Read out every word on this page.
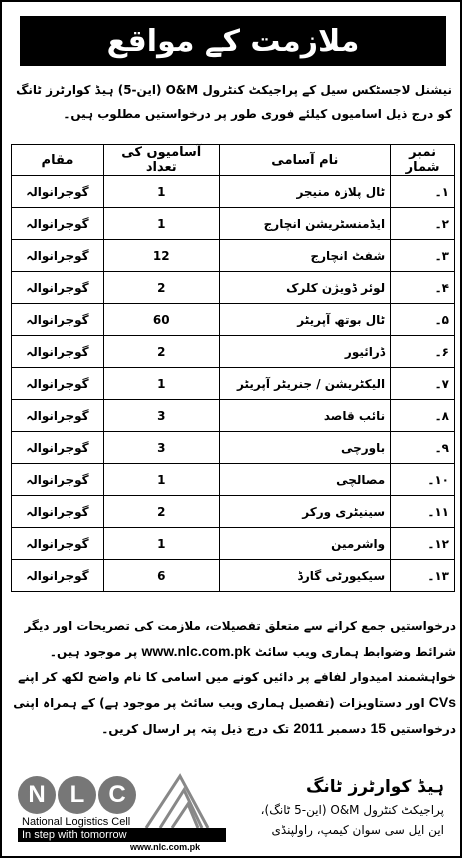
ملازمت کے مواقع
نیشنل لاجسٹکس سیل کے پراجیکٹ کنٹرول O&M (این-5) ہیڈ کوارٹرز ٹانگ کو درج ذیل اسامیوں کیلئے فوری طور پر درخواستیں مطلوب ہیں۔
نمبر شمار	نام آسامی	آسامیوں کی تعداد	مقام
۱۔	ٹال پلازہ منیجر	1	گوجرانوالہ
۲۔	ایڈمنسٹریشن انچارج	1	گوجرانوالہ
۳۔	شفٹ انچارج	12	گوجرانوالہ
۴۔	لوئر ڈویژن کلرک	2	گوجرانوالہ
۵۔	ٹال بوتھ آپریٹر	60	گوجرانوالہ
۶۔	ڈرائیور	2	گوجرانوالہ
۷۔	الیکٹریشن / جنریٹر آپریٹر	1	گوجرانوالہ
۸۔	نائب قاصد	3	گوجرانوالہ
۹۔	باورچی	3	گوجرانوالہ
۱۰۔	مصالچی	1	گوجرانوالہ
۱۱۔	سینیٹری ورکر	2	گوجرانوالہ
۱۲۔	واشرمین	1	گوجرانوالہ
۱۳۔	سیکیورٹی گارڈ	6	گوجرانوالہ
درخواستیں جمع کرانے سے متعلق تفصیلات، ملازمت کی تصریحات اور دیگر شرائط وضوابط ہماری ویب سائٹ www.nlc.com.pk پر موجود ہیں۔ خواہشمند امیدوار لفافے پر دائیں کونے میں اسامی کا نام واضح لکھ کر اپنے CVs اور دستاویزات (تفصیل ہماری ویب سائٹ پر موجود ہے) کے ہمراہ اپنی درخواستیں 15 دسمبر 2011 تک درج ذیل پتہ پر ارسال کریں۔
ہیڈ کوارٹرز ٹانگ
پراجیکٹ کنٹرول O&M (این-5 ٹانگ)،
این ایل سی سوان کیمپ، راولپنڈی
N L	C
National Logistics Cell
In step with tomorrow
www.nlc.com.pk
